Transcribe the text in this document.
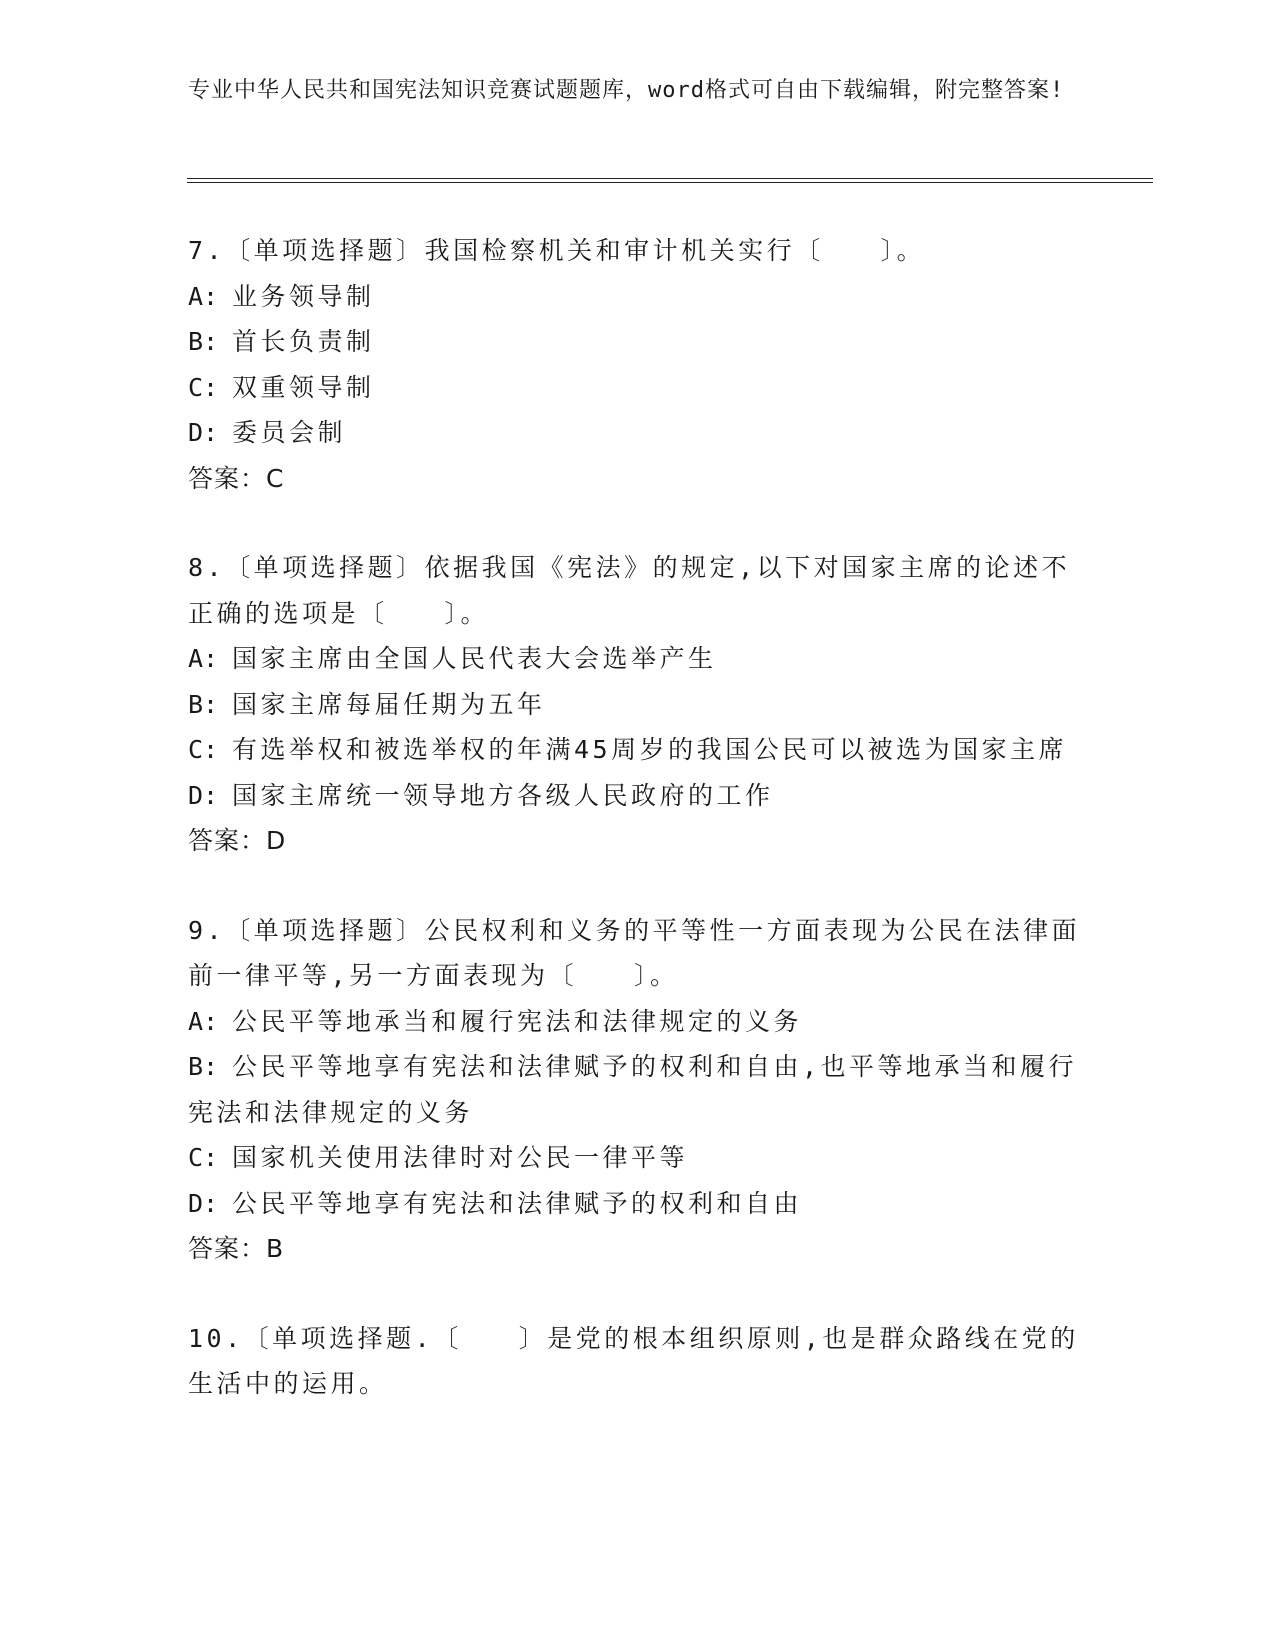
专业中华人民共和国宪法知识竞赛试题题库，word格式可自由下载编辑，附完整答案!

7.〔单项选择题〕我国检察机关和审计机关实行〔　　〕。

A: 业务领导制

B: 首长负责制

C: 双重领导制

D: 委员会制

答案：C

8.〔单项选择题〕依据我国《宪法》的规定,以下对国家主席的论述不正确的选项是〔　　〕。

A: 国家主席由全国人民代表大会选举产生

B: 国家主席每届任期为五年

C: 有选举权和被选举权的年满45周岁的我国公民可以被选为国家主席

D: 国家主席统一领导地方各级人民政府的工作

答案：D

9.〔单项选择题〕公民权利和义务的平等性一方面表现为公民在法律面前一律平等,另一方面表现为〔　　〕。

A: 公民平等地承当和履行宪法和法律规定的义务

B: 公民平等地享有宪法和法律赋予的权利和自由,也平等地承当和履行宪法和法律规定的义务

C: 国家机关使用法律时对公民一律平等

D: 公民平等地享有宪法和法律赋予的权利和自由

答案：B

10.〔单项选择题.〔　　〕是党的根本组织原则,也是群众路线在党的生活中的运用。
